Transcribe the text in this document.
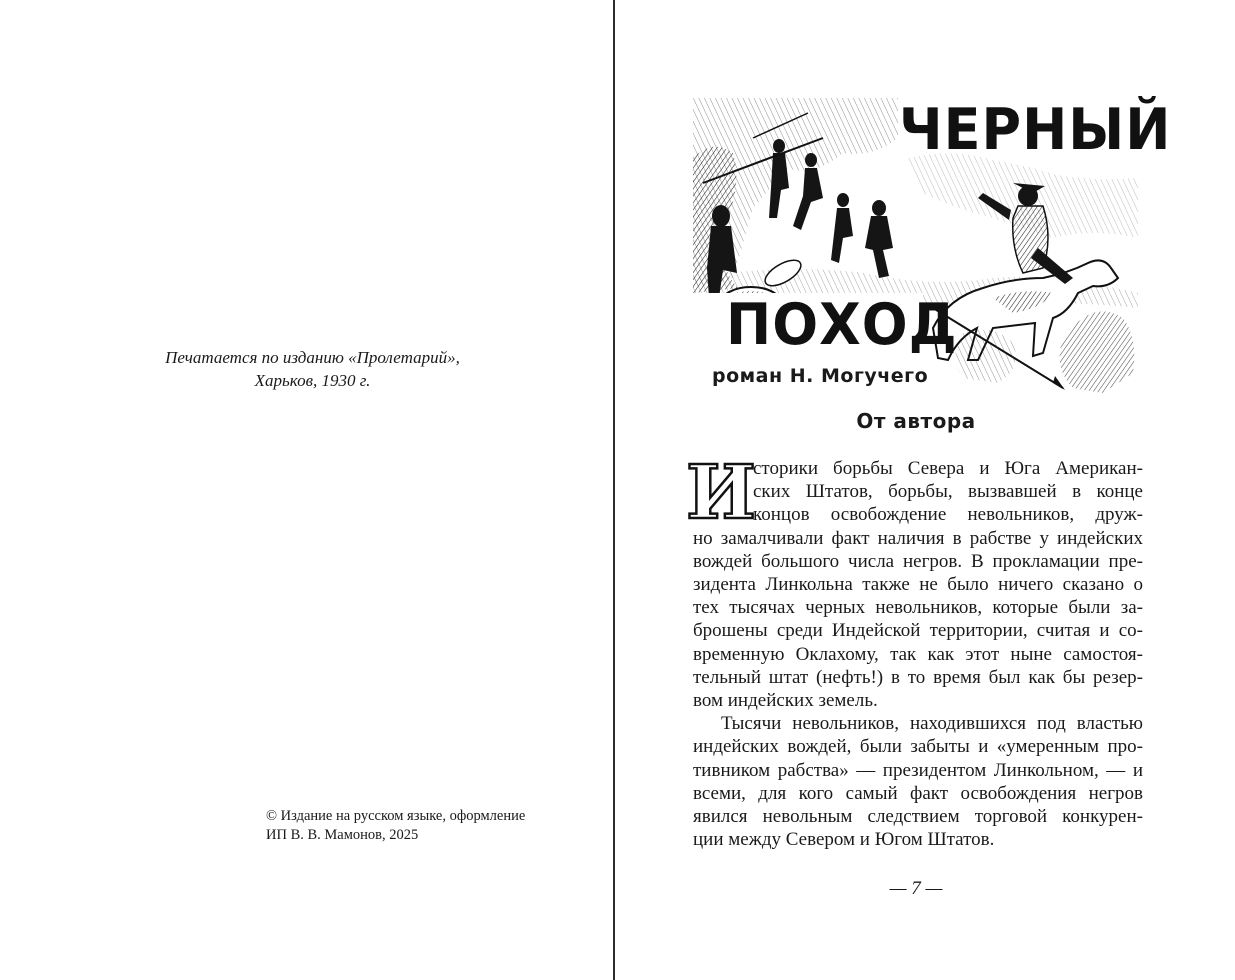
Печатается по изданию «Пролетарий»,
Харьков, 1930 г.
© Издание на русском языке, оформление
ИП В. В. Мамонов, 2025
ЧЕРНЫЙ
ПОХОД
роман Н. Могучего
От автора
И
сторики борьбы Севера и Юга Американ-
ских Штатов, борьбы, вызвавшей в конце
концов освобождение невольников, друж-
но замалчивали факт наличия в рабстве у индейских
вождей большого числа негров. В прокламации пре-
зидента Линкольна также не было ничего сказано о
тех тысячах черных невольников, которые были за-
брошены среди Индейской территории, считая и со-
временную Оклахому, так как этот ныне самостоя-
тельный штат (нефть!) в то время был как бы резер-
вом индейских земель.
Тысячи невольников, находившихся под властью
индейских вождей, были забыты и «умеренным про-
тивником рабства» — президентом Линкольном, — и
всеми, для кого самый факт освобождения негров
явился невольным следствием торговой конкурен-
ции между Севером и Югом Штатов.
— 7 —
